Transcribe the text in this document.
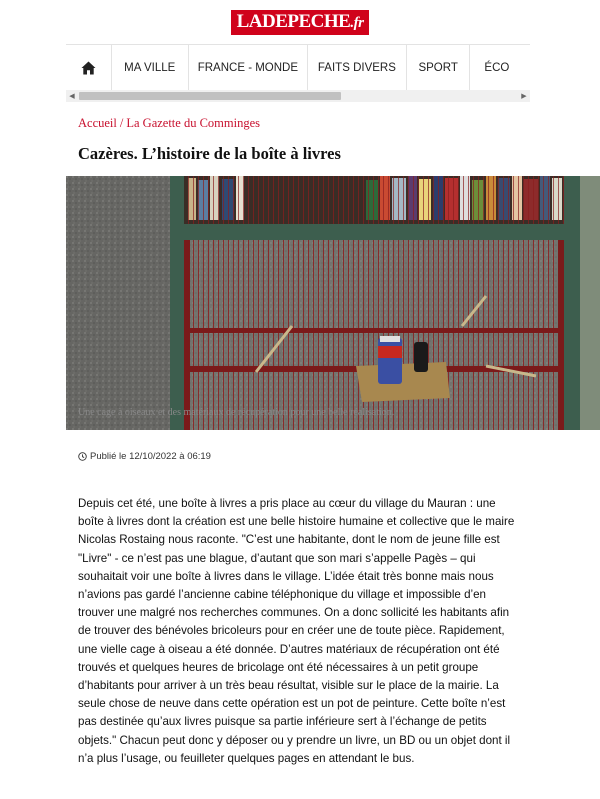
LADEPECHE.fr
MA VILLE	FRANCE - MONDE	FAITS DIVERS	SPORT	ÉCO
◀	▶
Accueil / La Gazette du Comminges
Cazères. L’histoire de la boîte à livres
Une cage à oiseaux et des matériaux de récupération pour une belle réalisation.
Publié le 12/10/2022 à 06:19

Depuis cet été, une boîte à livres a pris place au cœur du village du Mauran : une boîte à livres dont la création est une belle histoire humaine et collective que le maire Nicolas Rostaing nous raconte. "C’est une habitante, dont le nom de jeune fille est "Livre" - ce n’est pas une blague, d’autant que son mari s’appelle Pagès – qui souhaitait voir une boîte à livres dans le village. L’idée était très bonne mais nous n’avions pas gardé l’ancienne cabine téléphonique du village et impossible d’en trouver une malgré nos recherches communes. On a donc sollicité les habitants afin de trouver des bénévoles bricoleurs pour en créer une de toute pièce. Rapidement, une vielle cage à oiseau a été donnée. D’autres matériaux de récupération ont été trouvés et quelques heures de bricolage ont été nécessaires à un petit groupe d’habitants pour arriver à un très beau résultat, visible sur le place de la mairie. La seule chose de neuve dans cette opération est un pot de peinture. Cette boîte n’est pas destinée qu’aux livres puisque sa partie inférieure sert à l’échange de petits objets." Chacun peut donc y déposer ou y prendre un livre, un BD ou un objet dont il n’a plus l’usage, ou feuilleter quelques pages en attendant le bus.
